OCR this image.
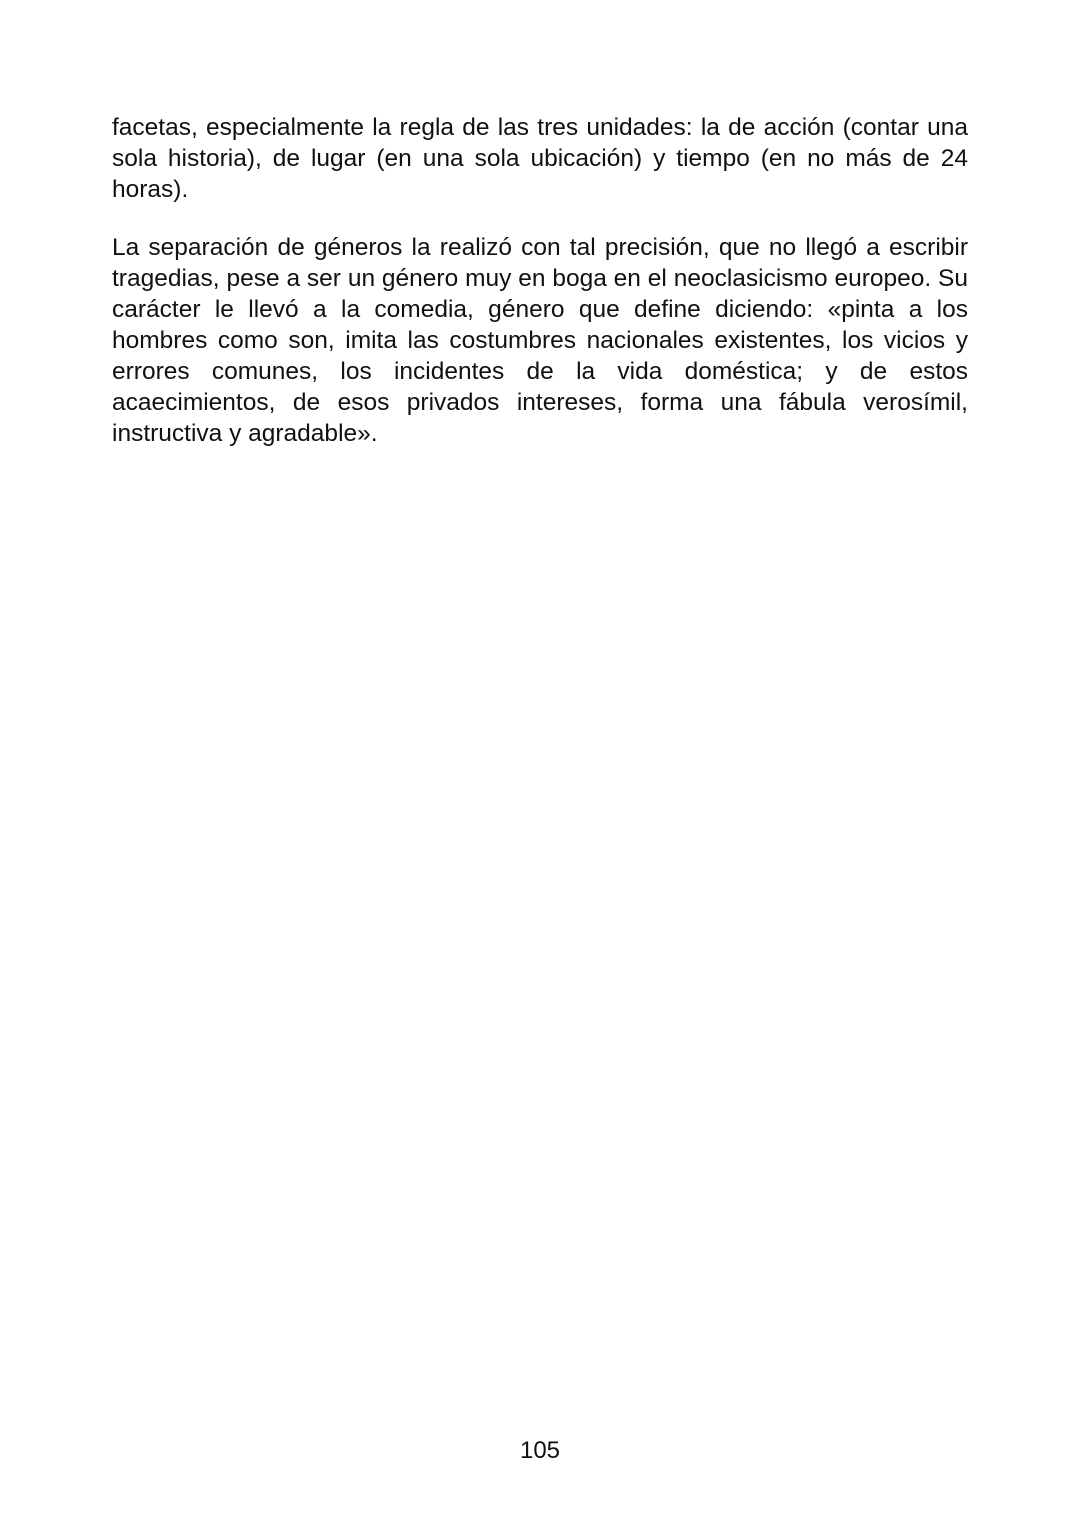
facetas, especialmente la regla de las tres unidades: la de acción (contar una sola historia), de lugar (en una sola ubicación) y tiempo (en no más de 24 horas).

La separación de géneros la realizó con tal precisión, que no llegó a escribir tragedias, pese a ser un género muy en boga en el neoclasicismo europeo. Su carácter le llevó a la comedia, género que define diciendo: «pinta a los hombres como son, imita las costumbres nacionales existentes, los vicios y errores comunes, los incidentes de la vida doméstica; y de estos acaecimientos, de esos privados intereses, forma una fábula verosímil, instructiva y agradable».

105
